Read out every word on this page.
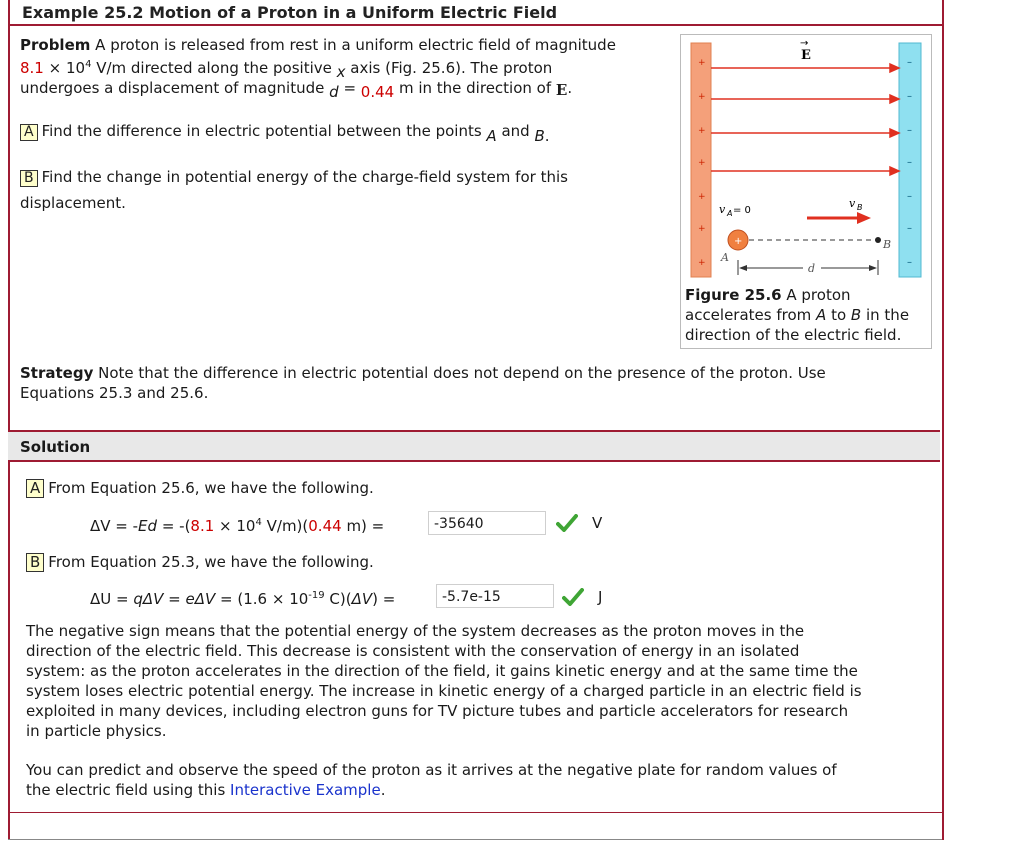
Example 25.2 Motion of a Proton in a Uniform Electric Field
Problem A proton is released from rest in a uniform electric field of magnitude
$8.1 \times 10^4$ V/m directed along the positive x axis (Fig. 25.6). The proton
undergoes a displacement of magnitude d = 0.44 m in the direction of E.
A Find the difference in electric potential between the points A and B.
B Find the change in potential energy of the charge-field system for this
displacement.
+
+
+
+
+
+
+
–
–
–
–
–
–
–
E
→
v A = 0
v B
+
A
B
d
Figure 25.6 A proton
accelerates from A to B in the
direction of the electric field.
Strategy Note that the difference in electric potential does not depend on the presence of the proton. Use
Equations 25.3 and 25.6.
Solution
A From Equation 25.6, we have the following.
$\Delta V = -Ed = -(8.1 \times 10^4$ V/m)(0.44 m) =	-35640	V
B From Equation 25.3, we have the following.
$\Delta U = q\Delta V = e\Delta V = (1.6 \times 10^{-19}$ C)(ΔV) =	-5.7e-15	J
The negative sign means that the potential energy of the system decreases as the proton moves in the
direction of the electric field. This decrease is consistent with the conservation of energy in an isolated
system: as the proton accelerates in the direction of the field, it gains kinetic energy and at the same time the
system loses electric potential energy. The increase in kinetic energy of a charged particle in an electric field is
exploited in many devices, including electron guns for TV picture tubes and particle accelerators for research
in particle physics.
You can predict and observe the speed of the proton as it arrives at the negative plate for random values of
the electric field using this Interactive Example.
